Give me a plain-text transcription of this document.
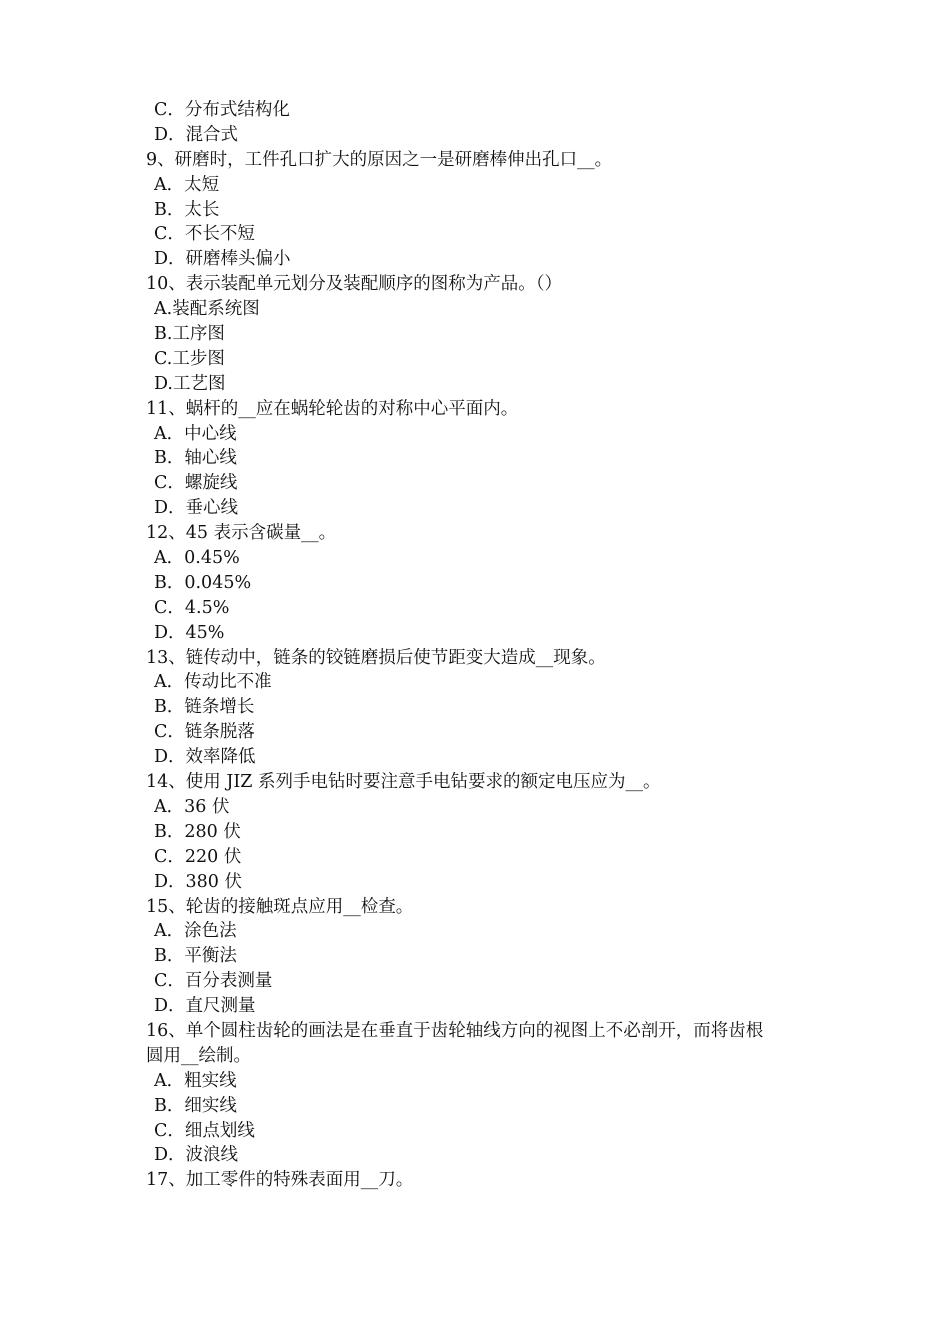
C．分布式结构化
D．混合式
9、研磨时，工件孔口扩大的原因之一是研磨棒伸出孔口__。
A．太短
B．太长
C．不长不短
D．研磨棒头偏小
10、表示装配单元划分及装配顺序的图称为产品。（）
A.装配系统图
B.工序图
C.工步图
D.工艺图
11、蜗杆的__应在蜗轮轮齿的对称中心平面内。
A．中心线
B．轴心线
C．螺旋线
D．垂心线
12、45 表示含碳量__。
A．0.45%
B．0.045%
C．4.5%
D．45%
13、链传动中，链条的铰链磨损后使节距变大造成__现象。
A．传动比不准
B．链条增长
C．链条脱落
D．效率降低
14、使用 JIZ 系列手电钻时要注意手电钻要求的额定电压应为__。
A．36 伏
B．280 伏
C．220 伏
D．380 伏
15、轮齿的接触斑点应用__检查。
A．涂色法
B．平衡法
C．百分表测量
D．直尺测量
16、单个圆柱齿轮的画法是在垂直于齿轮轴线方向的视图上不必剖开，而将齿根
圆用__绘制。
A．粗实线
B．细实线
C．细点划线
D．波浪线
17、加工零件的特殊表面用__刀。
